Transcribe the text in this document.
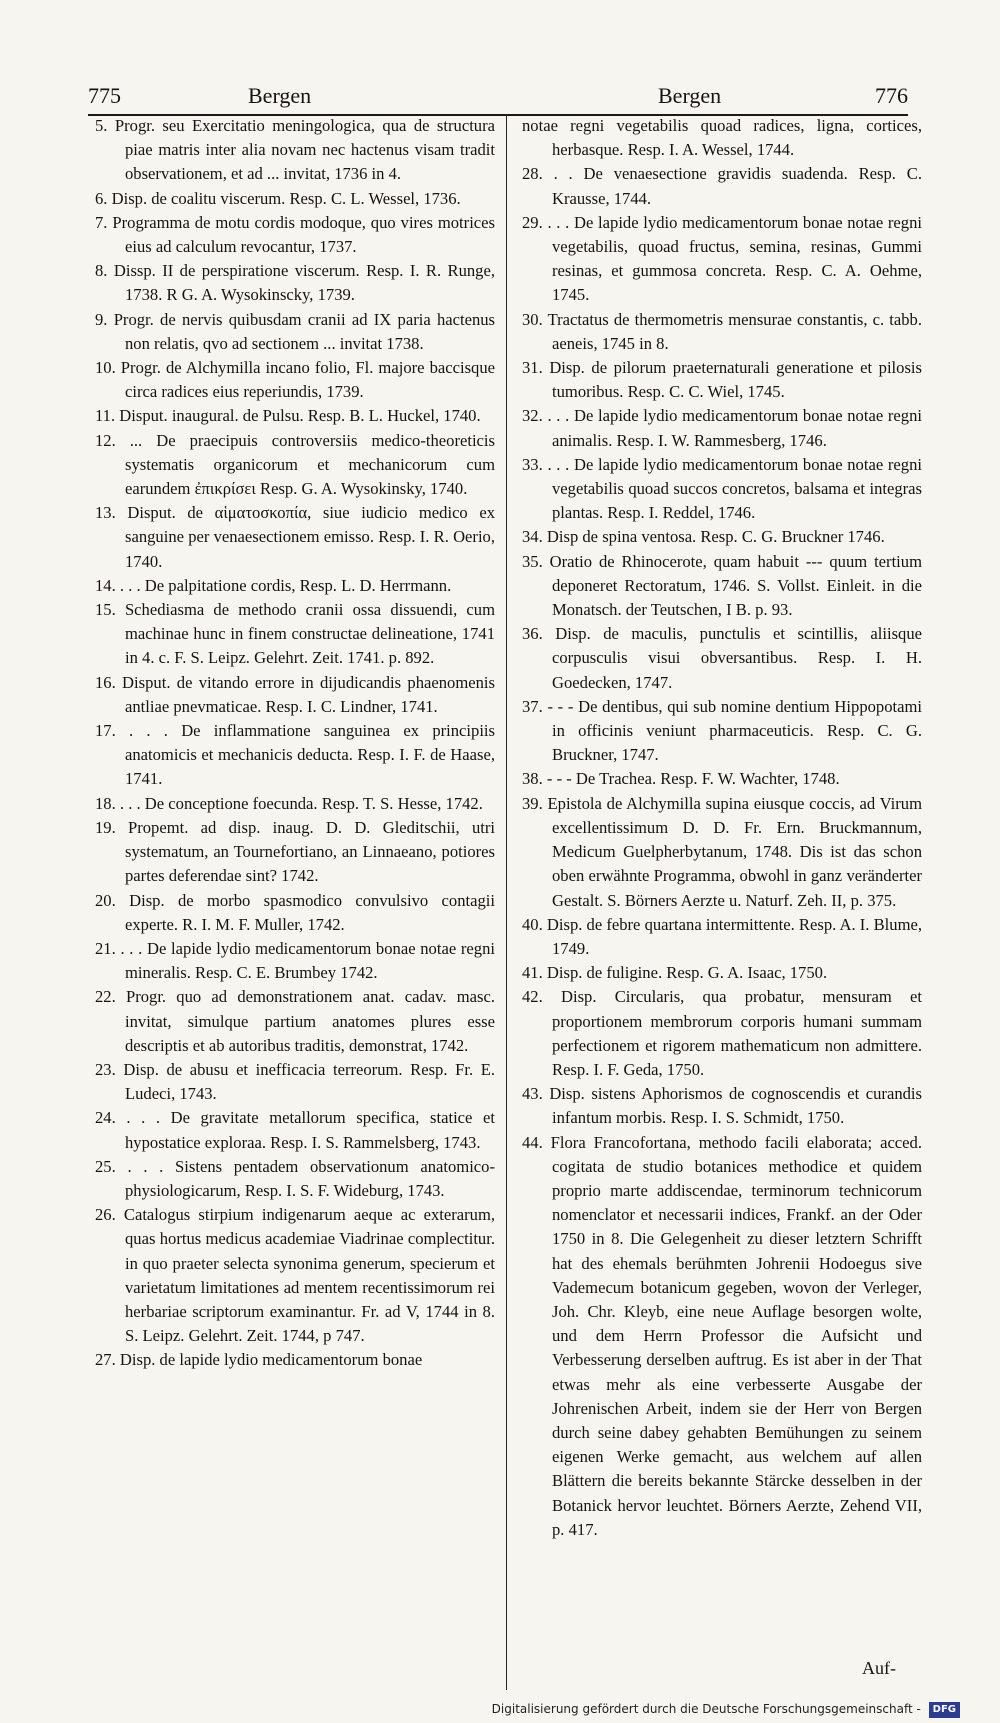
775	Bergen	Bergen	776

5. Progr. seu Exercitatio meningologica, qua de structura piae matris inter alia novam nec hactenus visam tradit observationem, et ad ... invitat, 1736 in 4.

6. Disp. de coalitu viscerum. Resp. C. L. Wessel, 1736.

7. Programma de motu cordis modoque, quo vires motrices eius ad calculum revocantur, 1737.

8. Dissp. II de perspiratione viscerum. Resp. I. R. Runge, 1738. R G. A. Wysokinscky, 1739.

9. Progr. de nervis quibusdam cranii ad IX paria hactenus non relatis, qvo ad sectionem ... invitat 1738.

10. Progr. de Alchymilla incano folio, Fl. majore baccisque circa radices eius reperiundis, 1739.

11. Disput. inaugural. de Pulsu. Resp. B. L. Huckel, 1740.

12. ... De praecipuis controversiis medico-theoreticis systematis organicorum et mechanicorum cum earundem ἐπικρίσει Resp. G. A. Wysokinsky, 1740.

13. Disput. de αἱματοσκοπία, siue iudicio medico ex sanguine per venaesectionem emisso. Resp. I. R. Oerio, 1740.

14. . . . De palpitatione cordis, Resp. L. D. Herrmann.

15. Schediasma de methodo cranii ossa dissuendi, cum machinae hunc in finem constructae delineatione, 1741 in 4. c. F. S. Leipz. Gelehrt. Zeit. 1741. p. 892.

16. Disput. de vitando errore in dijudicandis phaenomenis antliae pnevmaticae. Resp. I. C. Lindner, 1741.

17. . . . De inflammatione sanguinea ex principiis anatomicis et mechanicis deducta. Resp. I. F. de Haase, 1741.

18. . . . De conceptione foecunda. Resp. T. S. Hesse, 1742.

19. Propemt. ad disp. inaug. D. D. Gleditschii, utri systematum, an Tournefortiano, an Linnaeano, potiores partes deferendae sint? 1742.

20. Disp. de morbo spasmodico convulsivo contagii experte. R. I. M. F. Muller, 1742.

21. . . . De lapide lydio medicamentorum bonae notae regni mineralis. Resp. C. E. Brumbey 1742.

22. Progr. quo ad demonstrationem anat. cadav. masc. invitat, simulque partium anatomes plures esse descriptis et ab autoribus traditis, demonstrat, 1742.

23. Disp. de abusu et inefficacia terreorum. Resp. Fr. E. Ludeci, 1743.

24. . . . De gravitate metallorum specifica, statice et hypostatice exploraa. Resp. I. S. Rammelsberg, 1743.

25. . . . Sistens pentadem observationum anatomico-physiologicarum, Resp. I. S. F. Wideburg, 1743.

26. Catalogus stirpium indigenarum aeque ac exterarum, quas hortus medicus academiae Viadrinae complectitur. in quo praeter selecta synonima generum, specierum et varietatum limitationes ad mentem recentissimorum rei herbariae scriptorum examinantur. Fr. ad V, 1744 in 8. S. Leipz. Gelehrt. Zeit. 1744, p 747.

27. Disp. de lapide lydio medicamentorum bonae

notae regni vegetabilis quoad radices, ligna, cortices, herbasque. Resp. I. A. Wessel, 1744.

28. . . De venaesectione gravidis suadenda. Resp. C. Krausse, 1744.

29. . . . De lapide lydio medicamentorum bonae notae regni vegetabilis, quoad fructus, semina, resinas, Gummi resinas, et gummosa concreta. Resp. C. A. Oehme, 1745.

30. Tractatus de thermometris mensurae constantis, c. tabb. aeneis, 1745 in 8.

31. Disp. de pilorum praeternaturali generatione et pilosis tumoribus. Resp. C. C. Wiel, 1745.

32. . . . De lapide lydio medicamentorum bonae notae regni animalis. Resp. I. W. Rammesberg, 1746.

33. . . . De lapide lydio medicamentorum bonae notae regni vegetabilis quoad succos concretos, balsama et integras plantas. Resp. I. Reddel, 1746.

34. Disp de spina ventosa. Resp. C. G. Bruckner 1746.

35. Oratio de Rhinocerote, quam habuit --- quum tertium deponeret Rectoratum, 1746. S. Vollst. Einleit. in die Monatsch. der Teutschen, I B. p. 93.

36. Disp. de maculis, punctulis et scintillis, aliisque corpusculis visui obversantibus. Resp. I. H. Goedecken, 1747.

37. - - - De dentibus, qui sub nomine dentium Hippopotami in officinis veniunt pharmaceuticis. Resp. C. G. Bruckner, 1747.

38. - - - De Trachea. Resp. F. W. Wachter, 1748.

39. Epistola de Alchymilla supina eiusque coccis, ad Virum excellentissimum D. D. Fr. Ern. Bruckmannum, Medicum Guelpherbytanum, 1748. Dis ist das schon oben erwähnte Programma, obwohl in ganz veränderter Gestalt. S. Börners Aerzte u. Naturf. Zeh. II, p. 375.

40. Disp. de febre quartana intermittente. Resp. A. I. Blume, 1749.

41. Disp. de fuligine. Resp. G. A. Isaac, 1750.

42. Disp. Circularis, qua probatur, mensuram et proportionem membrorum corporis humani summam perfectionem et rigorem mathematicum non admittere. Resp. I. F. Geda, 1750.

43. Disp. sistens Aphorismos de cognoscendis et curandis infantum morbis. Resp. I. S. Schmidt, 1750.

44. Flora Francofortana, methodo facili elaborata; acced. cogitata de studio botanices methodice et quidem proprio marte addiscendae, terminorum technicorum nomenclator et necessarii indices, Frankf. an der Oder 1750 in 8. Die Gelegenheit zu dieser letztern Schrifft hat des ehemals berühmten Johrenii Hodoegus sive Vademecum botanicum gegeben, wovon der Verleger, Joh. Chr. Kleyb, eine neue Auflage besorgen wolte, und dem Herrn Professor die Aufsicht und Verbesserung derselben auftrug. Es ist aber in der That etwas mehr als eine verbesserte Ausgabe der Johrenischen Arbeit, indem sie der Herr von Bergen durch seine dabey gehabten Bemühungen zu seinem eigenen Werke gemacht, aus welchem auf allen Blättern die bereits bekannte Stärcke desselben in der Botanick hervor leuchtet. Börners Aerzte, Zehend VII, p. 417.

Auf-
Digitalisierung gefördert durch die Deutsche Forschungsgemeinschaft - DFG
